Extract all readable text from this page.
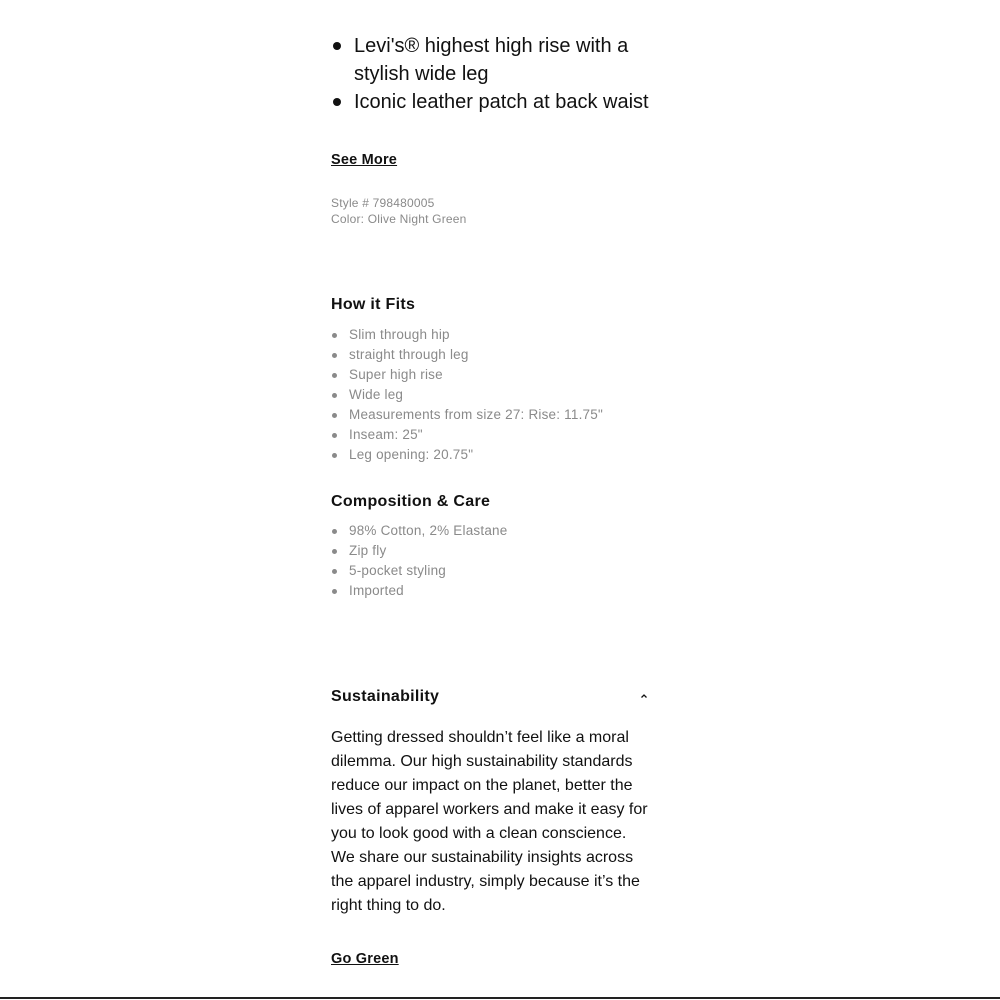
Levi's® highest high rise with a stylish wide leg
Iconic leather patch at back waist
See More
Style # 798480005
Color: Olive Night Green
How it Fits
Slim through hip
straight through leg
Super high rise
Wide leg
Measurements from size 27: Rise: 11.75"
Inseam: 25"
Leg opening: 20.75"
Composition & Care
98% Cotton, 2% Elastane
Zip fly
5-pocket styling
Imported
Sustainability
Getting dressed shouldn’t feel like a moral dilemma. Our high sustainability standards reduce our impact on the planet, better the lives of apparel workers and make it easy for you to look good with a clean conscience. We share our sustainability insights across the apparel industry, simply because it’s the right thing to do.
Go Green
